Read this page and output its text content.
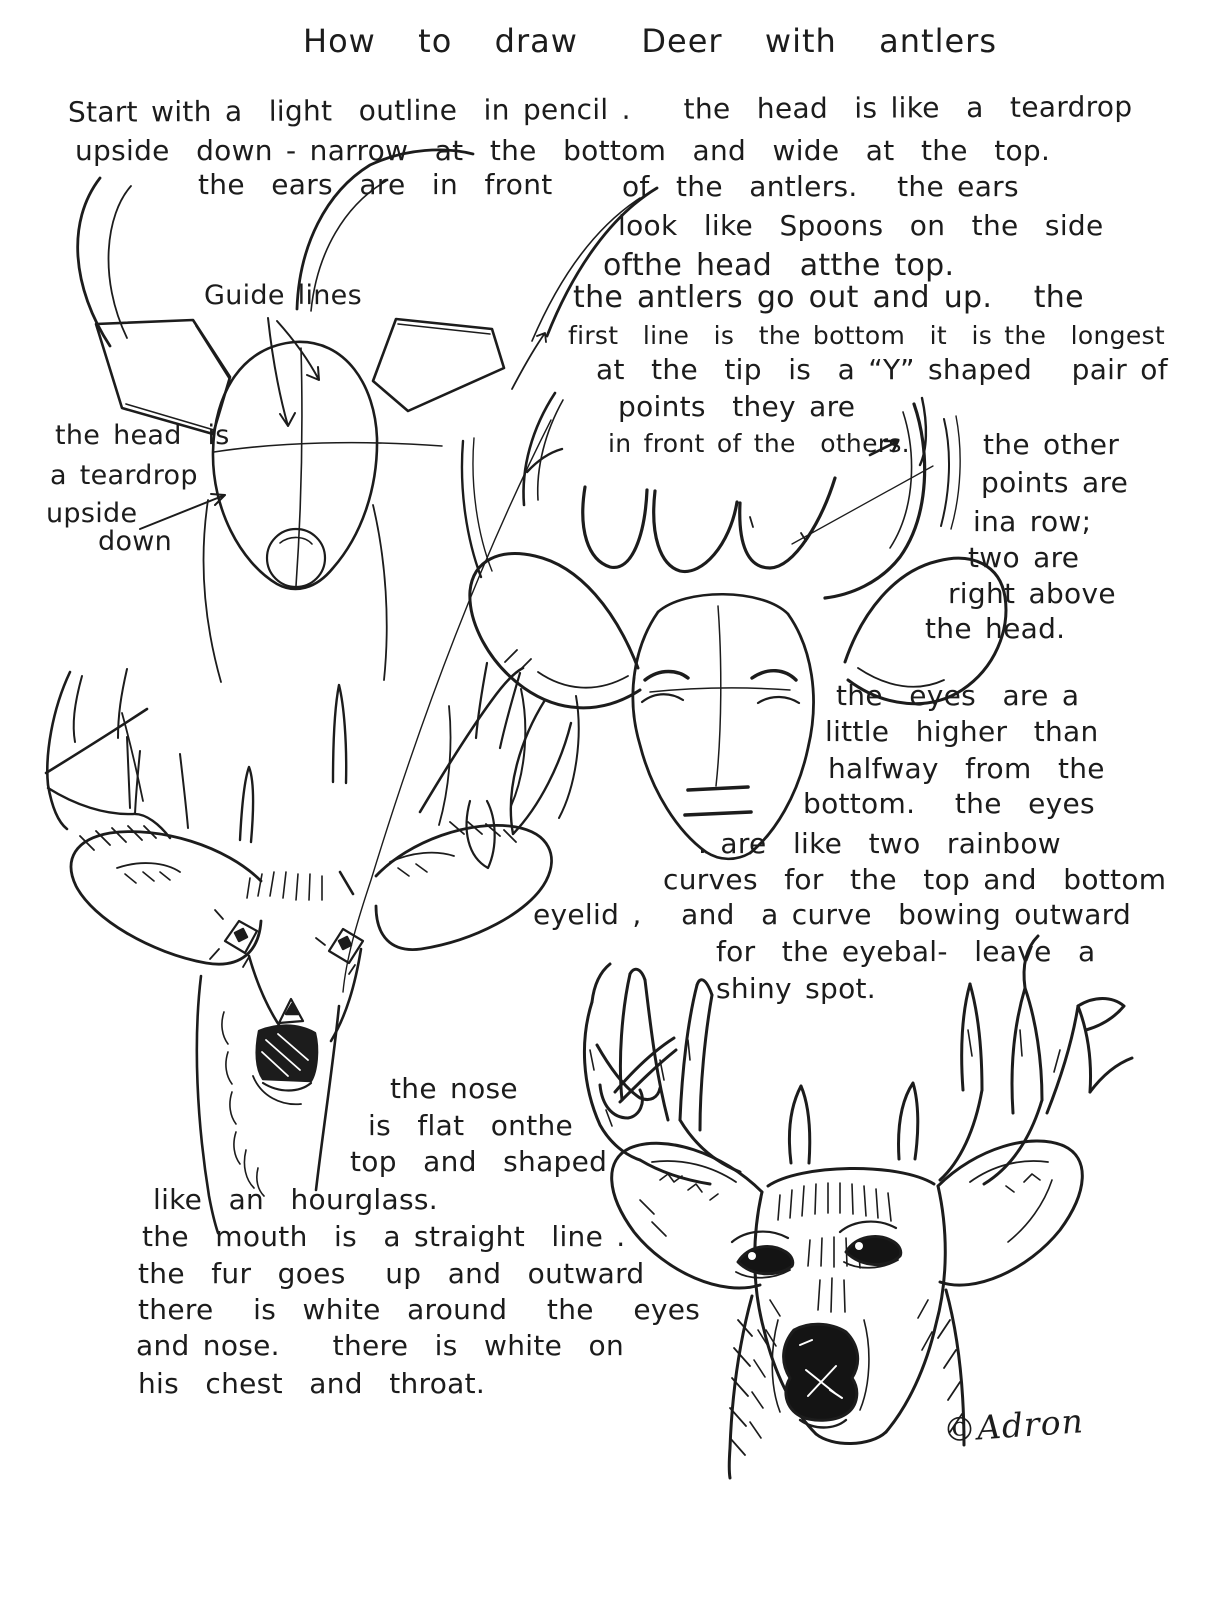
How  to  draw   Deer  with  antlers
Start with a  light  outline  in pencil .    the  head  is like  a  teardrop
upside  down - narrow  at  the  bottom  and  wide  at  the  top.
the  ears  are  in  front of  the  antlers.   the ears
look  like  Spoons  on  the  side
ofthe head  atthe top.
the antlers go out and up.   the
first  line  is  the bottom  it  is the  longest
at  the  tip  is  a “Y” shaped   pair of
points  they are
in front of the  others.	the other
points are
ina row;
two are
right above
the head.
Guide lines
the head  is
a teardrop
upside
down
the  eyes  are a
little  higher  than
halfway  from  the
bottom.   the  eyes
. are  like  two  rainbow
curves  for  the  top and  bottom
eyelid ,   and  a curve  bowing outward
for  the eyebal-  leave  a
shiny spot.
the nose
is  flat  onthe
top  and  shaped
like  an  hourglass.
the  mouth  is  a straight  line .
the  fur  goes   up  and  outward
there   is  white  around   the   eyes
and nose.    there  is  white  on
his  chest  and  throat.
©Adron
